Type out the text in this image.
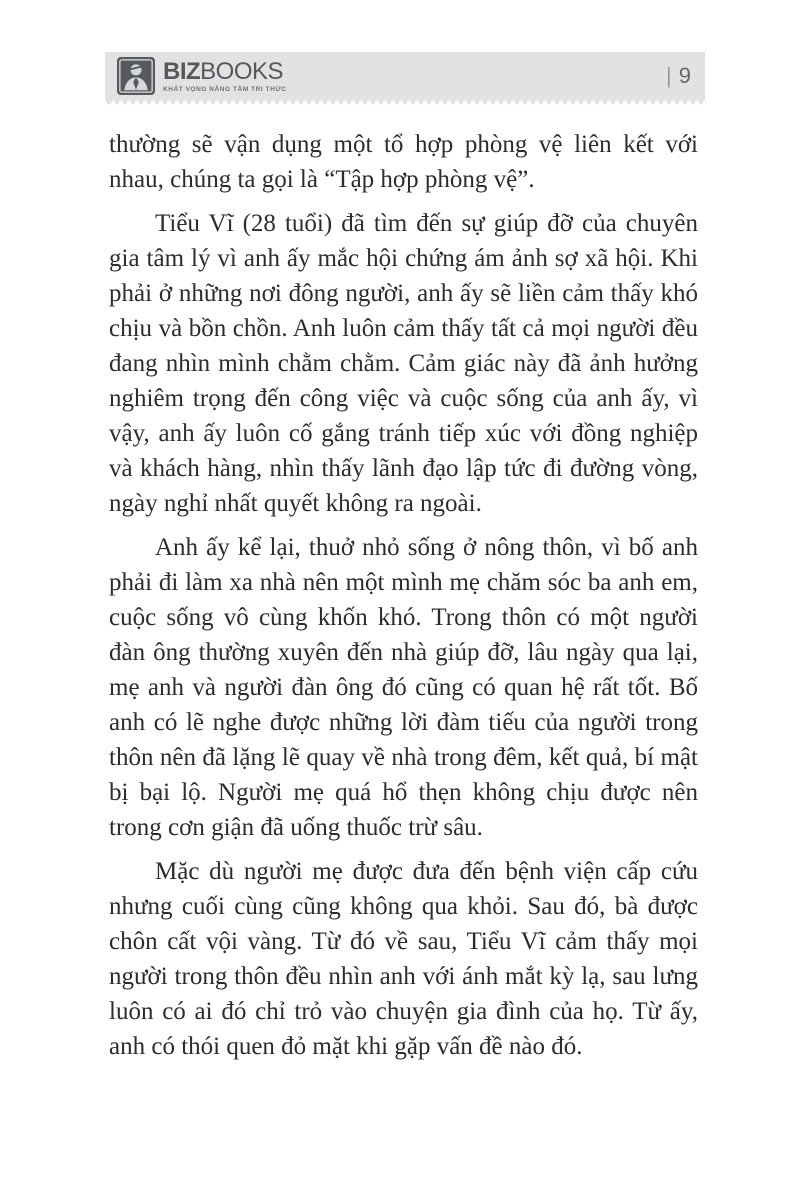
BIZBOOKS
KHÁT VỌNG NÂNG TẦM TRI THỨC
| 9

thường sẽ vận dụng một tổ hợp phòng vệ liên kết với nhau, chúng ta gọi là “Tập hợp phòng vệ”.

Tiểu Vĩ (28 tuổi) đã tìm đến sự giúp đỡ của chuyên gia tâm lý vì anh ấy mắc hội chứng ám ảnh sợ xã hội. Khi phải ở những nơi đông người, anh ấy sẽ liền cảm thấy khó chịu và bồn chồn. Anh luôn cảm thấy tất cả mọi người đều đang nhìn mình chằm chằm. Cảm giác này đã ảnh hưởng nghiêm trọng đến công việc và cuộc sống của anh ấy, vì vậy, anh ấy luôn cố gắng tránh tiếp xúc với đồng nghiệp và khách hàng, nhìn thấy lãnh đạo lập tức đi đường vòng, ngày nghỉ nhất quyết không ra ngoài.

Anh ấy kể lại, thuở nhỏ sống ở nông thôn, vì bố anh phải đi làm xa nhà nên một mình mẹ chăm sóc ba anh em, cuộc sống vô cùng khốn khó. Trong thôn có một người đàn ông thường xuyên đến nhà giúp đỡ, lâu ngày qua lại, mẹ anh và người đàn ông đó cũng có quan hệ rất tốt. Bố anh có lẽ nghe được những lời đàm tiếu của người trong thôn nên đã lặng lẽ quay về nhà trong đêm, kết quả, bí mật bị bại lộ. Người mẹ quá hổ thẹn không chịu được nên trong cơn giận đã uống thuốc trừ sâu.

Mặc dù người mẹ được đưa đến bệnh viện cấp cứu nhưng cuối cùng cũng không qua khỏi. Sau đó, bà được chôn cất vội vàng. Từ đó về sau, Tiểu Vĩ cảm thấy mọi người trong thôn đều nhìn anh với ánh mắt kỳ lạ, sau lưng luôn có ai đó chỉ trỏ vào chuyện gia đình của họ. Từ ấy, anh có thói quen đỏ mặt khi gặp vấn đề nào đó.
